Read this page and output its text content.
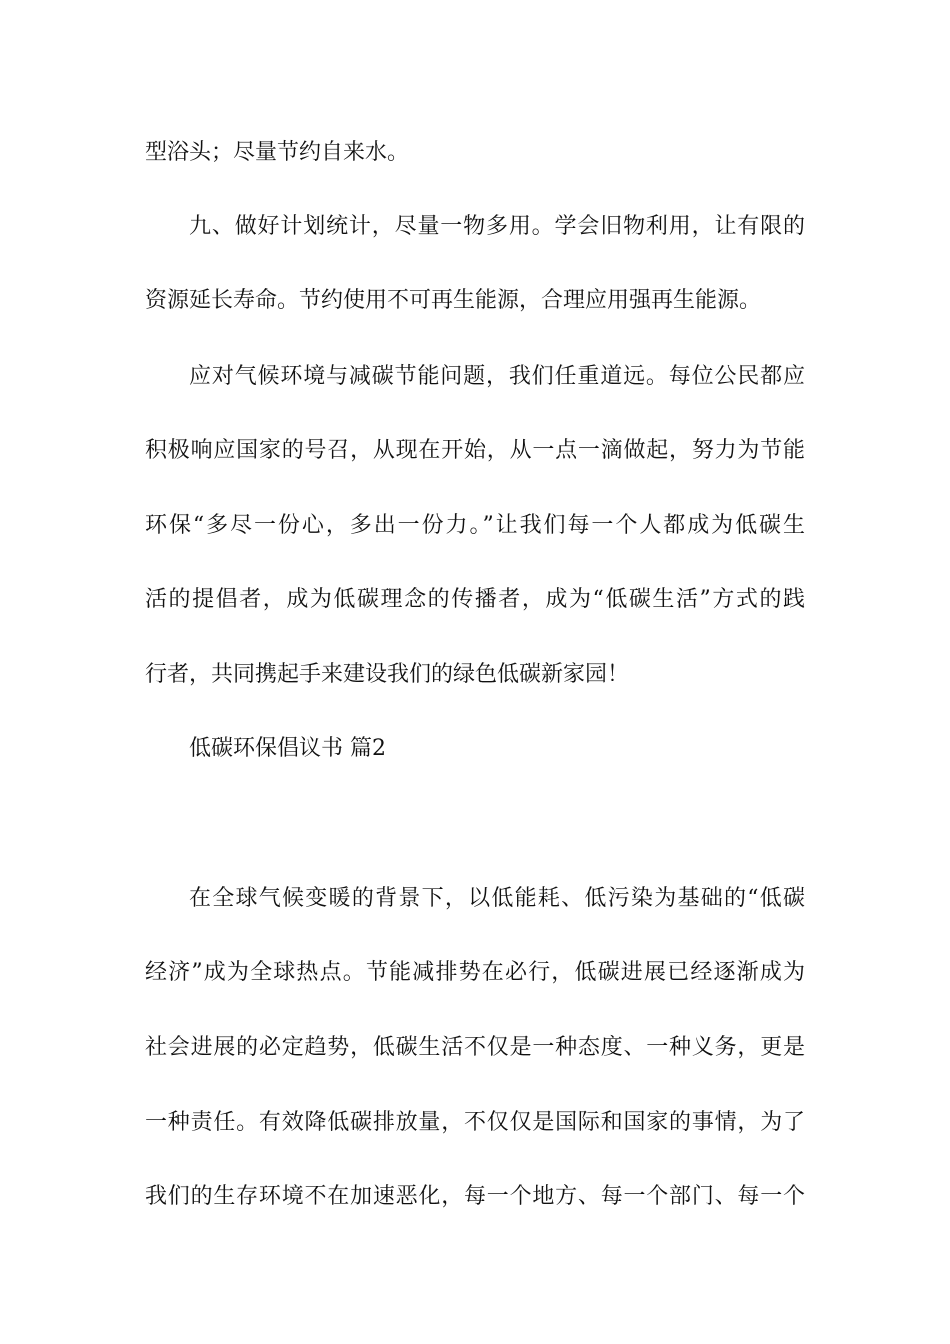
型浴头；尽量节约自来水。
九、做好计划统计，尽量一物多用。学会旧物利用，让有限的
资源延长寿命。节约使用不可再生能源，合理应用强再生能源。
应对气候环境与减碳节能问题，我们任重道远。每位公民都应
积极响应国家的号召，从现在开始，从一点一滴做起，努力为节能
环保“多尽一份心，多出一份力。”让我们每一个人都成为低碳生
活的提倡者，成为低碳理念的传播者，成为“低碳生活”方式的践
行者，共同携起手来建设我们的绿色低碳新家园！
低碳环保倡议书 篇2
在全球气候变暖的背景下，以低能耗、低污染为基础的“低碳
经济”成为全球热点。节能减排势在必行，低碳进展已经逐渐成为
社会进展的必定趋势，低碳生活不仅是一种态度、一种义务，更是
一种责任。有效降低碳排放量，不仅仅是国际和国家的事情，为了
我们的生存环境不在加速恶化，每一个地方、每一个部门、每一个
